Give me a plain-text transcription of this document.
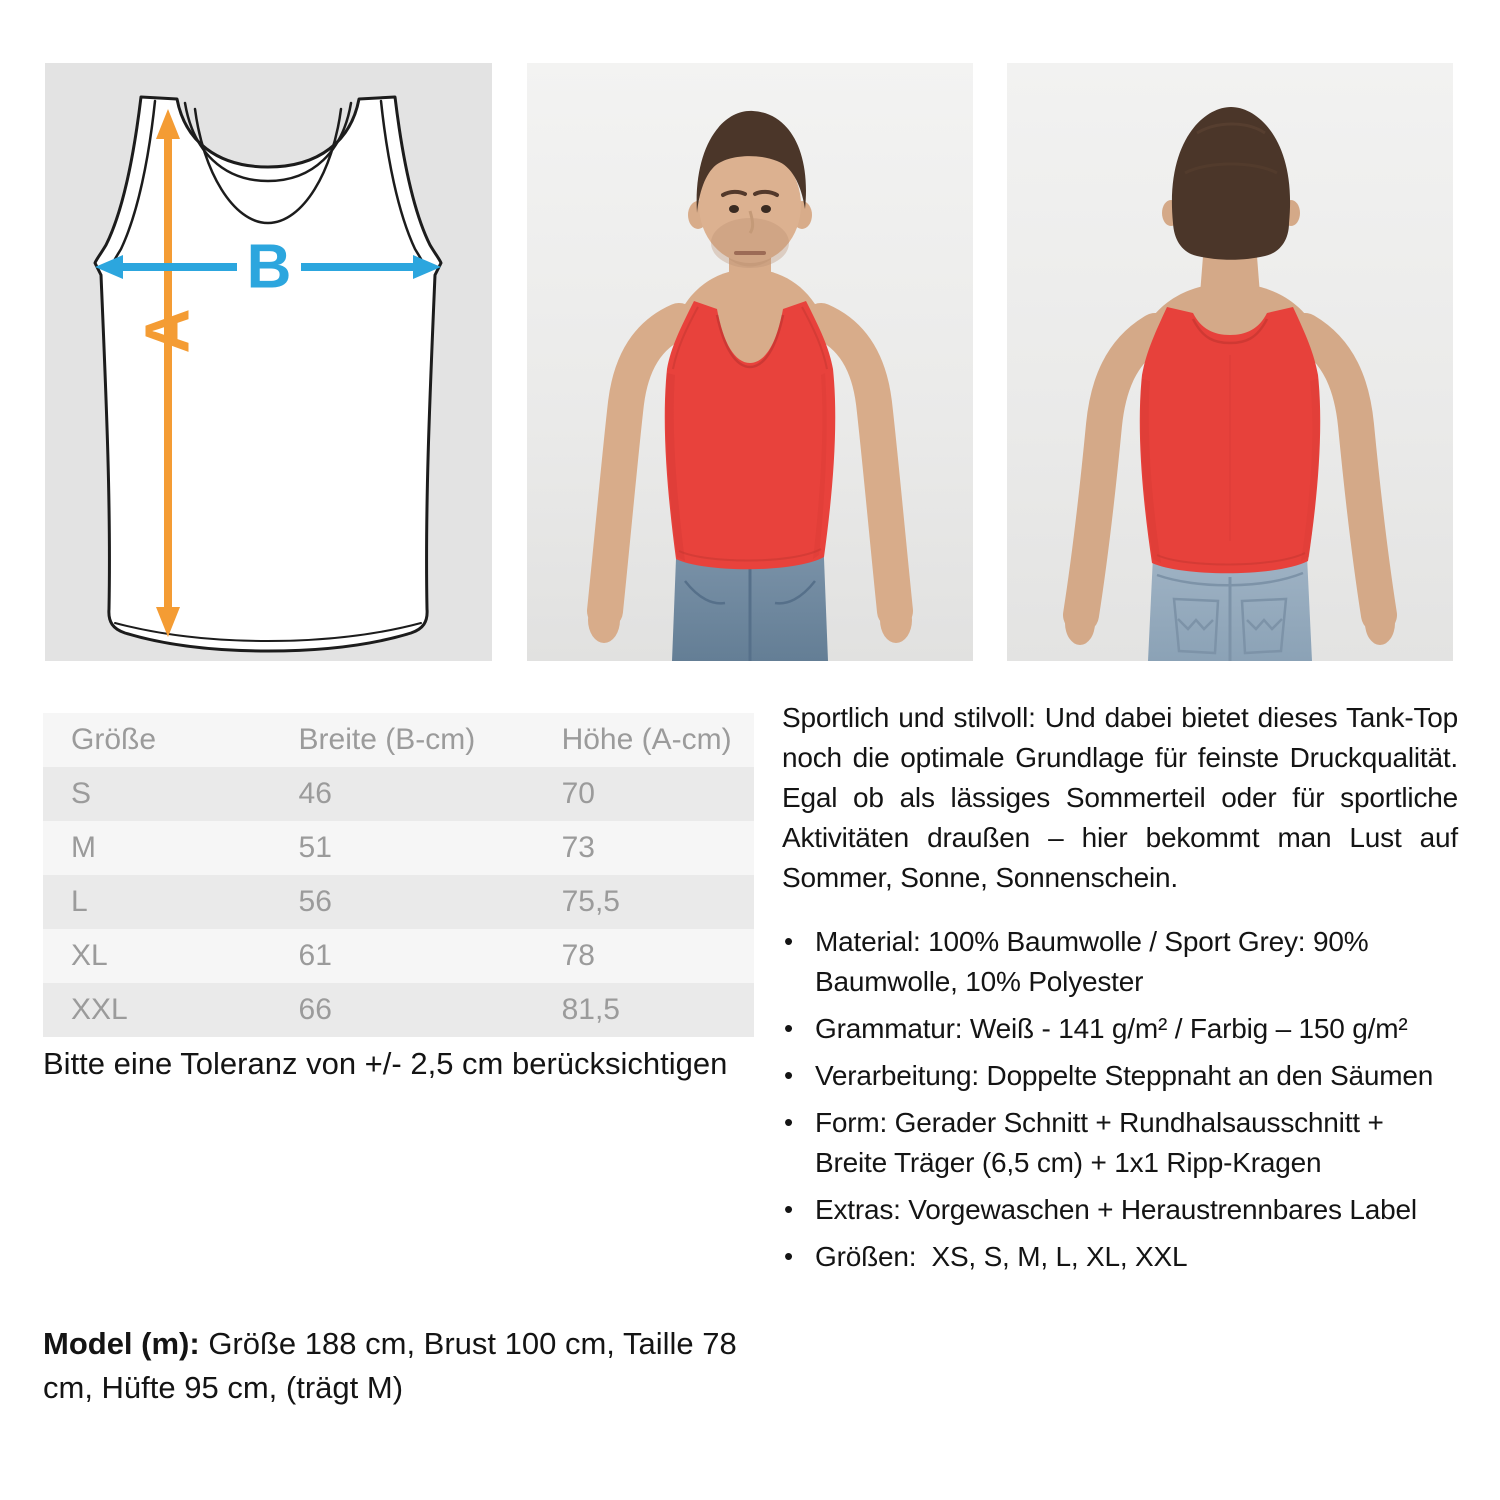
A
B
Größe	Breite (B-cm)	Höhe (A-cm)
S	46	70
M	51	73
L	56	75,5
XL	61	78
XXL	66	81,5

Bitte eine Toleranz von +/- 2,5 cm berücksichtigen

Model (m): Größe 188 cm, Brust 100 cm, Taille 78 cm, Hüfte 95 cm, (trägt M)

Sportlich und stilvoll: Und dabei bietet dieses Tank-Top noch die optimale Grundlage für feinste Druckqualität. Egal ob als lässiges Sommerteil oder für sportliche Aktivitäten draußen – hier bekommt man Lust auf Sommer, Sonne, Sonnenschein.

• Material: 100% Baumwolle / Sport Grey: 90% Baumwolle, 10% Polyester
• Grammatur: Weiß - 141 g/m² / Farbig – 150 g/m²
• Verarbeitung: Doppelte Steppnaht an den Säumen
• Form: Gerader Schnitt + Rundhalsausschnitt + Breite Träger (6,5 cm) + 1x1 Ripp-Kragen
• Extras: Vorgewaschen + Heraustrennbares Label
• Größen:  XS, S, M, L, XL, XXL
